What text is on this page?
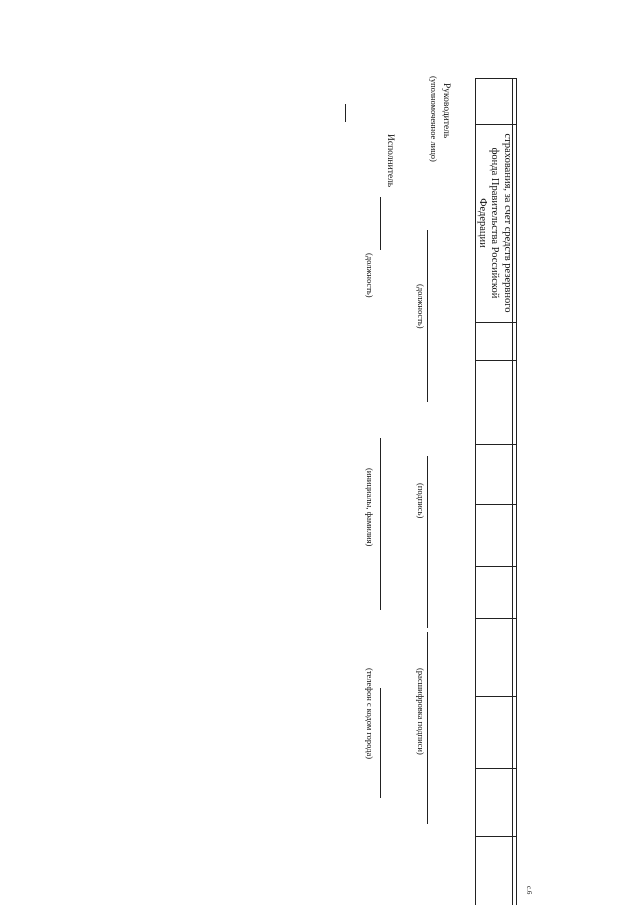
страхования, за счет средств резервного
фонда Правительства Российской
Федерации
Руководитель
(уполномоченное лицо)
(должность)
(подпись)
(расшифровка подписи)
Исполнитель
(должность)
(инициалы, фамилия)
(телефон с кодом города)
с.6
